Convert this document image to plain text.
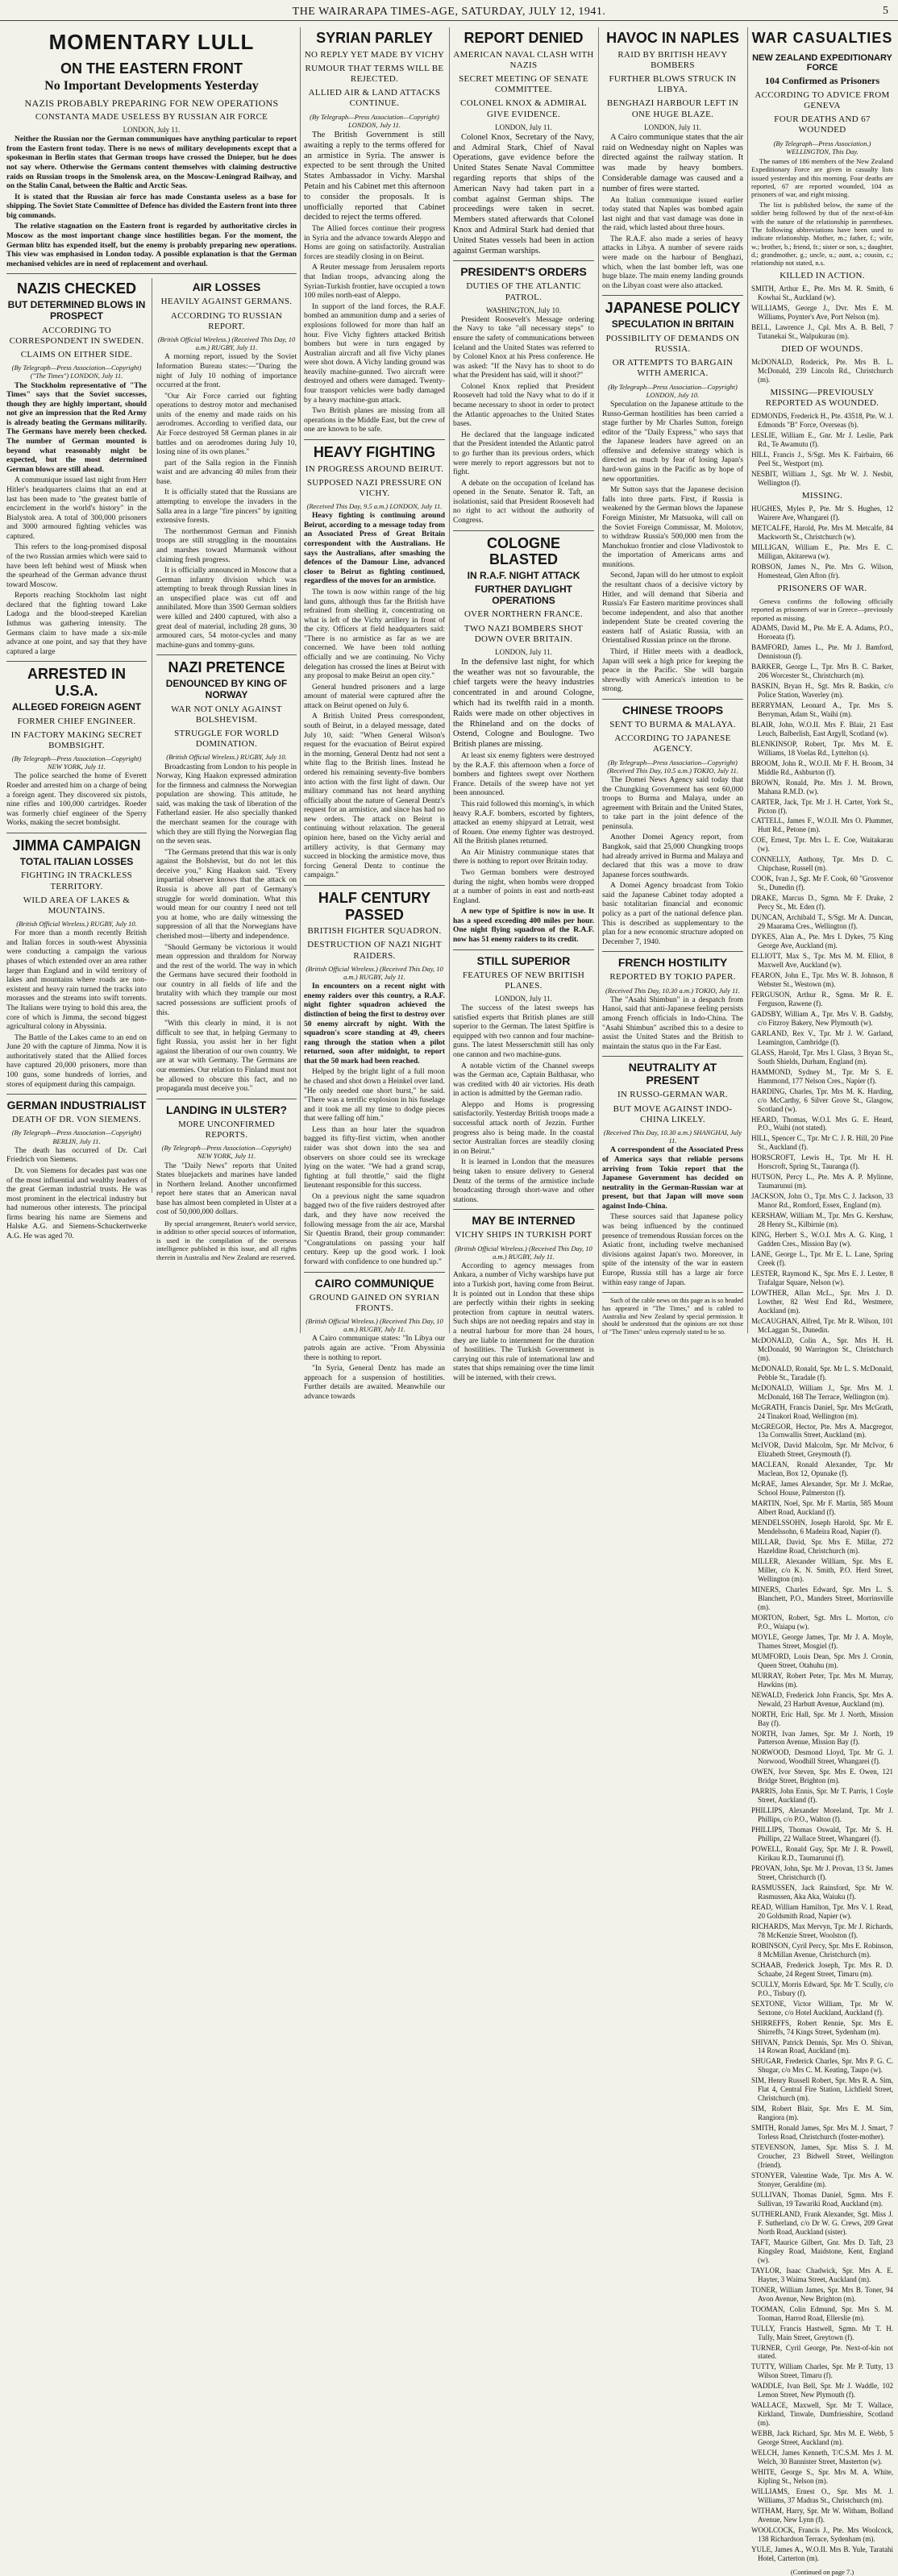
THE WAIRARAPA TIMES-AGE, SATURDAY, JULY 12, 1941.	5
MOMENTARY LULL
ON THE EASTERN FRONT
No Important Developments Yesterday
NAZIS PROBABLY PREPARING FOR NEW OPERATIONS
CONSTANTA MADE USELESS BY RUSSIAN AIR FORCE
LONDON, July 11.

Neither the Russian nor the German communiques have anything particular to report from the Eastern front today. There is no news of military developments except that a spokesman in Berlin states that German troops have crossed the Dnieper, but he does not say where. Otherwise the Germans content themselves with claiming destructive raids on Russian troops in the Smolensk area, on the Moscow-Leningrad Railway, and on the Stalin Canal, between the Baltic and Arctic Seas.

It is stated that the Russian air force has made Constanta useless as a base for shipping. The Soviet State Committee of Defence has divided the Eastern front into three big commands.

The relative stagnation on the Eastern front is regarded by authoritative circles in Moscow as the most important change since hostilities began. For the moment, the German blitz has expended itself, but the enemy is probably preparing new operations. This view was emphasised in London today. A possible explanation is that the German mechanised vehicles are in need of replacement and overhaul.

NAZIS CHECKED
BUT DETERMINED BLOWS IN PROSPECT
ACCORDING TO CORRESPONDENT IN SWEDEN.
CLAIMS ON EITHER SIDE.
(By Telegraph—Press Association—Copyright) ("The Times") LONDON, July 11.

The Stockholm representative of "The Times" says that the Soviet successes, though they are highly important, should not give an impression that the Red Army is already beating the Germans militarily. The Germans have merely been checked. The number of German mounted is beyond what reasonably might be expected, but the most determined German blows are still ahead.

A communique issued last night from Herr Hitler's headquarters claims that an end at last has been made to "the greatest battle of encirclement in the world's history" in the Bialystok area. A total of 300,000 prisoners and 3000 armoured fighting vehicles was captured.

This refers to the long-promised disposal of the two Russian armies which were said to have been left behind west of Minsk when the spearhead of the German advance thrust toward Moscow.

Reports reaching Stockholm last night declared that the fighting toward Lake Ladoga and the blood-steeped Karelian Isthmus was gathering intensity. The Germans claim to have made a six-mile advance at one point, and say that they have captured a large

ARRESTED IN U.S.A.
ALLEGED FOREIGN AGENT
FORMER CHIEF ENGINEER.
IN FACTORY MAKING SECRET BOMBSIGHT.
(By Telegraph—Press Association—Copyright) NEW YORK, July 11.

The police searched the home of Everett Roeder and arrested him on a charge of being a foreign agent. They discovered six pistols, nine rifles and 100,000 cartridges. Roeder was formerly chief engineer of the Sperry Works, making the secret bombsight.

JIMMA CAMPAIGN
TOTAL ITALIAN LOSSES
FIGHTING IN TRACKLESS TERRITORY.
WILD AREA OF LAKES & MOUNTAINS.
(British Official Wireless.) RUGBY, July 10.

For more than a month recently British and Italian forces in south-west Abyssinia were conducting a campaign the various phases of which extended over an area rather larger than England and in wild territory of lakes and mountains where roads are non-existent and heavy rain turned the tracks into morasses and the streams into swift torrents. The Italians were trying to hold this area, the core of which is Jimma, the second biggest agricultural colony in Abyssinia.

The Battle of the Lakes came to an end on June 20 with the capture of Jimma. Now it is authoritatively stated that the Allied forces have captured 20,000 prisoners, more than 100 guns, some hundreds of lorries, and stores of equipment during this campaign.

GERMAN INDUSTRIALIST
DEATH OF DR. VON SIEMENS.
(By Telegraph—Press Association—Copyright) BERLIN, July 11.

The death has occurred of Dr. Carl Friedrich von Siemens.

Dr. von Siemens for decades past was one of the most influential and wealthy leaders of the great German industrial trusts. He was most prominent in the electrical industry but had numerous other interests. The principal firms bearing his name are Siemens and Halske A.G. and Siemens-Schuckertwerke A.G. He was aged 70.

AIR LOSSES
HEAVILY AGAINST GERMANS.
ACCORDING TO RUSSIAN REPORT.
(British Official Wireless.) (Received This Day, 10 a.m.) RUGBY, July 11.

A morning report, issued by the Soviet Information Bureau states:—"During the night of July 10 nothing of importance occurred at the front.

"Our Air Force carried out fighting operations to destroy motor and mechanised units of the enemy and made raids on his aerodromes. According to verified data, our Air Force destroyed 58 German planes in air battles and on aerodromes during July 10, losing nine of its own planes."

part of the Salla region in the Finnish waist and are advancing 40 miles from their base.

It is officially stated that the Russians are attempting to envelope the invaders in the Salla area in a large "fire pincers" by igniting extensive forests.

The northernmost German and Finnish troops are still struggling in the mountains and marshes toward Murmansk without claiming fresh progress.

It is officially announced in Moscow that a German infantry division which was attempting to break through Russian lines in an unspecified place was cut off and annihilated. More than 3500 German soldiers were killed and 2400 captured, with also a great deal of material, including 28 guns, 30 armoured cars, 54 motor-cycles and many machine-guns and tommy-guns.

NAZI PRETENCE
DENOUNCED BY KING OF NORWAY
WAR NOT ONLY AGAINST BOLSHEVISM.
STRUGGLE FOR WORLD DOMINATION.
(British Official Wireless.) RUGBY, July 10.

Broadcasting from London to his people in Norway, King Haakon expressed admiration for the firmness and calmness the Norwegian population are showing. This attitude, he said, was making the task of liberation of the Fatherland easier. He also specially thanked the merchant seamen for the courage with which they are still flying the Norwegian flag on the seven seas.

"The Germans pretend that this war is only against the Bolshevist, but do not let this deceive you," King Haakon said. "Every impartial observer knows that the attack on Russia is above all part of Germany's struggle for world domination. What this would mean for our country I need not tell you at home, who are daily witnessing the suppression of all that the Norwegians have cherished most—liberty and independence.

"Should Germany be victorious it would mean oppression and thraldom for Norway and the rest of the world. The way in which the Germans have secured their foothold in our country in all fields of life and the brutality with which they trample our most sacred possessions are sufficient proofs of this.

"With this clearly in mind, it is not difficult to see that, in helping Germany to fight Russia, you assist her in her fight against the liberation of our own country. We are at war with Germany. The Germans are our enemies. Our relation to Finland must not be allowed to obscure this fact, and no propaganda must deceive you."

LANDING IN ULSTER?
MORE UNCONFIRMED REPORTS.
(By Telegraph—Press Association—Copyright) NEW YORK, July 11.

The "Daily News" reports that United States bluejackets and marines have landed in Northern Ireland. Another unconfirmed report here states that an American naval base has almost been completed in Ulster at a cost of 50,000,000 dollars.

By special arrangement, Reuter's world service, in addition to other special sources of information, is used in the compilation of the overseas intelligence published in this issue, and all rights therein in Australia and New Zealand are reserved.

SYRIAN PARLEY
NO REPLY YET MADE BY VICHY
RUMOUR THAT TERMS WILL BE REJECTED.
ALLIED AIR & LAND ATTACKS CONTINUE.
(By Telegraph—Press Association—Copyright) LONDON, July 11.

The British Government is still awaiting a reply to the terms offered for an armistice in Syria. The answer is expected to be sent through the United States Ambassador in Vichy. Marshal Petain and his Cabinet met this afternoon to consider the proposals. It is unofficially reported that Cabinet decided to reject the terms offered.

The Allied forces continue their progress in Syria and the advance towards Aleppo and Homs are going on satisfactorily. Australian forces are steadily closing in on Beirut.

A Reuter message from Jerusalem reports that Indian troops, advancing along the Syrian-Turkish frontier, have occupied a town 100 miles north-east of Aleppo.

In support of the land forces, the R.A.F. bombed an ammunition dump and a series of explosions followed for more than half an hour. Five Vichy fighters attacked British bombers but were in turn engaged by Australian aircraft and all five Vichy planes were shot down. A Vichy landing ground was heavily machine-gunned. Two aircraft were destroyed and others were damaged. Twenty-four transport vehicles were badly damaged by a heavy machine-gun attack.

Two British planes are missing from all operations in the Middle East, but the crew of one are known to be safe.

HEAVY FIGHTING
IN PROGRESS AROUND BEIRUT.
SUPPOSED NAZI PRESSURE ON VICHY.
(Received This Day, 9.5 a.m.) LONDON, July 11.

Heavy fighting is continuing around Beirut, according to a message today from an Associated Press of Great Britain correspondent with the Australians. He says the Australians, after smashing the defences of the Damour Line, advanced closer to Beirut as fighting continued, regardless of the moves for an armistice.

The town is now within range of the big land guns, although thus far the British have refrained from shelling it, concentrating on what is left of the Vichy artillery in front of the city. Officers at field headquarters said: "There is no armistice as far as we are concerned. We have been told nothing officially and we are continuing. No Vichy delegation has crossed the lines at Beirut with any proposal to make Beirut an open city."

General hundred prisoners and a large amount of material were captured after the attack on Beirut opened on July 6.

A British United Press correspondent, south of Beirut, in a delayed message, dated July 10, said: "When General Wilson's request for the evacuation of Beirut expired in the morning, General Dentz had not sent a white flag to the British lines. Instead he ordered his remaining seventy-five bombers into action with the first light of dawn. Our military command has not heard anything officially about the nature of General Dentz's request for an armistice, and since has had no new orders. The attack on Beirut is continuing without relaxation. The general opinion here, based on the Vichy aerial and artillery activity, is that Germany may succeed in blocking the armistice move, thus forcing General Dentz to continue the campaign."

HALF CENTURY PASSED
BRITISH FIGHTER SQUADRON.
DESTRUCTION OF NAZI NIGHT RAIDERS.
(British Official Wireless.) (Received This Day, 10 a.m.) RUGBY, July 11.

In encounters on a recent night with enemy raiders over this country, a R.A.F. night fighter squadron achieved the distinction of being the first to destroy over 50 enemy aircraft by night. With the squadron's score standing at 49, cheers rang through the station when a pilot returned, soon after midnight, to report that the 50 mark had been reached.

Helped by the bright light of a full moon he chased and shot down a Heinkel over land. "He only needed one short burst," he said. "There was a terrific explosion in his fuselage and it took me all my time to dodge pieces that were falling off him."

Less than an hour later the squadron bagged its fifty-first victim, when another raider was shot down into the sea and observers on shore could see its wreckage lying on the water. "We had a grand scrap, fighting at full throttle," said the flight lieutenant responsible for this success.

On a previous night the same squadron bagged two of the five raiders destroyed after dark, and they have now received the following message from the air ace, Marshal Sir Quentin Brand, their group commander: "Congratulations on passing your half century. Keep up the good work. I look forward with confidence to one hundred up."

CAIRO COMMUNIQUE
GROUND GAINED ON SYRIAN FRONTS.
(British Official Wireless.) (Received This Day, 10 a.m.) RUGBY, July 11.

A Cairo communique states: "In Libya our patrols again are active. "From Abyssinia there is nothing to report.

"In Syria, General Dentz has made an approach for a suspension of hostilities. Further details are awaited. Meanwhile our advance towards

REPORT DENIED
AMERICAN NAVAL CLASH WITH NAZIS
SECRET MEETING OF SENATE COMMITTEE.
COLONEL KNOX & ADMIRAL GIVE EVIDENCE.
LONDON, July 11.

Colonel Knox, Secretary of the Navy, and Admiral Stark, Chief of Naval Operations, gave evidence before the United States Senate Naval Committee regarding reports that ships of the American Navy had taken part in a combat against German ships. The proceedings were taken in secret. Members stated afterwards that Colonel Knox and Admiral Stark had denied that United States vessels had been in action against German warships.

PRESIDENT'S ORDERS
DUTIES OF THE ATLANTIC PATROL.
WASHINGTON, July 10.

President Roosevelt's Message ordering the Navy to take "all necessary steps" to ensure the safety of communications between Iceland and the United States was referred to by Colonel Knox at his Press conference. He was asked: "If the Navy has to shoot to do what the President has said, will it shoot?"

Colonel Knox replied that President Roosevelt had told the Navy what to do if it became necessary to shoot in order to protect the Atlantic approaches to the United States bases.

He declared that the language indicated that the President intended the Atlantic patrol to go further than its previous orders, which were merely to report aggressors but not to fight.

A debate on the occupation of Iceland has opened in the Senate. Senator R. Taft, an isolationist, said that President Roosevelt had no right to act without the authority of Congress.

COLOGNE BLASTED
IN R.A.F. NIGHT ATTACK
FURTHER DAYLIGHT OPERATIONS
OVER NORTHERN FRANCE.
TWO NAZI BOMBERS SHOT DOWN OVER BRITAIN.
LONDON, July 11.

In the defensive last night, for which the weather was not so favourable, the chief targets were the heavy industries concentrated in and around Cologne, which had its twelfth raid in a month. Raids were made on other objectives in the Rhineland and on the docks of Ostend, Cologne and Boulogne. Two British planes are missing.

At least six enemy fighters were destroyed by the R.A.F. this afternoon when a force of bombers and fighters swept over Northern France. Details of the sweep have not yet been announced.

This raid followed this morning's, in which heavy R.A.F. bombers, escorted by fighters, attacked an enemy shipyard at Letrait, west of Rouen. One enemy fighter was destroyed. All the British planes returned.

An Air Ministry communique states that there is nothing to report over Britain today.

Two German bombers were destroyed during the night, when bombs were dropped at a number of points in east and north-east England.

A new type of Spitfire is now in use. It has a speed exceeding 400 miles per hour. One night flying squadron of the R.A.F. now has 51 enemy raiders to its credit.

STILL SUPERIOR
FEATURES OF NEW BRITISH PLANES.
LONDON, July 11.

The success of the latest sweeps has satisfied experts that British planes are still superior to the German. The latest Spitfire is equipped with two cannon and four machine-guns. The latest Messerschmitt still has only one cannon and two machine-guns.

A notable victim of the Channel sweeps was the German ace, Captain Balthasar, who was credited with 40 air victories. His death in action is admitted by the German radio.

Aleppo and Homs is progressing satisfactorily. Yesterday British troops made a successful attack north of Jezzin. Further progress also is being made. In the coastal sector Australian forces are steadily closing in on Beirut."

It is learned in London that the measures being taken to ensure delivery to General Dentz of the terms of the armistice include broadcasting through short-wave and other stations.

MAY BE INTERNED
VICHY SHIPS IN TURKISH PORT
(British Official Wireless.) (Received This Day, 10 a.m.) RUGBY, July 11.

According to agency messages from Ankara, a number of Vichy warships have put into a Turkish port, having come from Beirut. It is pointed out in London that these ships are perfectly within their rights in seeking protection from capture in neutral waters. Such ships are not needing repairs and stay in a neutral harbour for more than 24 hours, they are liable to internment for the duration of hostilities. The Turkish Government is carrying out this rule of international law and states that ships remaining over the time limit will be interned, with their crews.

HAVOC IN NAPLES
RAID BY BRITISH HEAVY BOMBERS
FURTHER BLOWS STRUCK IN LIBYA.
BENGHAZI HARBOUR LEFT IN ONE HUGE BLAZE.
LONDON, July 11.

A Cairo communique states that the air raid on Wednesday night on Naples was directed against the railway station. It was made by heavy bombers. Considerable damage was caused and a number of fires were started.

An Italian communique issued earlier today stated that Naples was bombed again last night and that vast damage was done in the raid, which lasted about three hours.

The R.A.F. also made a series of heavy attacks in Libya. A number of severe raids were made on the harbour of Benghazi, which, when the last bomber left, was one huge blaze. The main enemy landing grounds on the Libyan coast were also attacked.

JAPANESE POLICY
SPECULATION IN BRITAIN
POSSIBILITY OF DEMANDS ON RUSSIA.
OR ATTEMPTS TO BARGAIN WITH AMERICA.
(By Telegraph—Press Association—Copyright) LONDON, July 10.

Speculation on the Japanese attitude to the Russo-German hostilities has been carried a stage further by Mr Charles Sutton, foreign editor of the "Daily Express," who says that the Japanese leaders have agreed on an offensive and defensive strategy which is directed as much by fear of losing Japan's hard-won gains in the Pacific as by hope of new opportunities.

Mr Sutton says that the Japanese decision falls into three parts. First, if Russia is weakened by the German blows the Japanese Foreign Minister, Mr Matsuoka, will call on the Soviet Foreign Commissar, M. Molotov, to withdraw Russia's 500,000 men from the Manchukuo frontier and close Vladivostok to the importation of Americans arms and munitions.

Second, Japan will do her utmost to exploit the resultant chaos of a decisive victory by Hitler, and will demand that Siberia and Russia's Far Eastern maritime provinces shall become independent, and also that another independent State be created covering the eastern half of Asiatic Russia, with an Orientalised Russian prince on the throne.

Third, if Hitler meets with a deadlock, Japan will seek a high price for keeping the peace in the Pacific. She will bargain shrewdly with America's intention to be strong.

CHINESE TROOPS
SENT TO BURMA & MALAYA.
ACCORDING TO JAPANESE AGENCY.
(By Telegraph—Press Association—Copyright) (Received This Day, 10.5 a.m.) TOKIO, July 11.

The Domei News Agency said today that the Chungking Government has sent 60,000 troops to Burma and Malaya, under an agreement with Britain and the United States, to take part in the joint defence of the peninsula.

Another Domei Agency report, from Bangkok, said that 25,000 Chungking troops had already arrived in Burma and Malaya and declared that this was a move to draw Japanese forces southwards.

A Domei Agency broadcast from Tokio said the Japanese Cabinet today adopted a basic totalitarian financial and economic policy as a part of the national defence plan. This is described as supplementary to the plan for a new economic structure adopted on December 7, 1940.

FRENCH HOSTILITY
REPORTED BY TOKIO PAPER.
(Received This Day, 10.30 a.m.) TOKIO, July 11.

The "Asahi Shimbun" in a despatch from Hanoi, said that anti-Japanese feeling persists among French officials in Indo-China. The "Asahi Shimbun" ascribed this to a desire to assist the United States and the British to maintain the status quo in the Far East.

NEUTRALITY AT PRESENT
IN RUSSO-GERMAN WAR.
BUT MOVE AGAINST INDO-CHINA LIKELY.
(Received This Day, 10.30 a.m.) SHANGHAI, July 11.

A correspondent of the Associated Press of America says that reliable persons arriving from Tokio report that the Japanese Government has decided on neutrality in the German-Russian war at present, but that Japan will move soon against Indo-China.

These sources said that Japanese policy was being influenced by the continued presence of tremendous Russian forces on the Asiatic front, including twelve mechanised divisions against Japan's two. Moreover, in spite of the intensity of the war in eastern Europe, Russia still has a large air force within easy range of Japan.

Such of the cable news on this page as is so headed has appeared in "The Times," and is cabled to Australia and New Zealand by special permission. It should be understood that the opinions are not those of "The Times" unless expressly stated to be so.

WAR CASUALTIES
NEW ZEALAND EXPEDITIONARY FORCE
104 Confirmed as Prisoners
ACCORDING TO ADVICE FROM GENEVA
FOUR DEATHS AND 67 WOUNDED
(By Telegraph—Press Association.) WELLINGTON, This Day.

The names of 186 members of the New Zealand Expeditionary Force are given in casualty lists issued yesterday and this morning. Four deaths are reported, 67 are reported wounded, 104 as prisoners of war, and eight missing.

The list is published below, the name of the soldier being followed by that of the next-of-kin with the nature of the relationship in parentheses. The following abbreviations have been used to indicate relationship. Mother, m.; father, f.; wife, w.; brother, b.; friend, fr.; sister or son, s.; daughter, d.; grandmother, g.; uncle, u.; aunt, a.; cousin, c.; relationship not stated, n.s.

KILLED IN ACTION.

SMITH, Arthur E., Pte. Mrs M. R. Smith, 6 Kowhai St., Auckland (w).

WILLIAMS, George J., Dvr. Mrs E. M. Williams, Poynter's Ave, Port Nelson (m).

BELL, Lawrence J., Cpl. Mrs A. B. Bell, 7 Tutanekai St., Walpukurau (m).

DIED OF WOUNDS.

McDONALD, Roderick, Pte. Mrs B. L. McDonald, 239 Lincoln Rd., Christchurch (m).

MISSING—PREVIOUSLY REPORTED AS WOUNDED.

EDMONDS, Frederick H., Pte. 43518, Pte. W. J. Edmonds "B" Force, Overseas (b).

LESLIE, William E., Gnr. Mr J. Leslie, Park Rd., Te Awamutu (f).

HILL, Francis J., S/Sgt. Mrs K. Fairbairn, 66 Peel St., Westport (m).

NESBIT, William J., Sgt. Mr W. J. Nesbit, Wellington (f).

MISSING.

HUGHES, Myles P., Pte. Mr S. Hughes, 12 Wairere Ave, Whangarei (f).

METCALFE, Harold, Pte. Mrs M. Metcalfe, 84 Mackworth St., Christchurch (w).

MILLIGAN, William E., Pte. Mrs E. C. Milligan, Akitarewa (w).

ROBSON, James N., Pte. Mrs G. Wilson, Homestead, Glen Afton (fr).

PRISONERS OF WAR.

Geneva confirms the following officially reported as prisoners of war in Greece—previously reported as missing.

ADAMS, David M., Pte. Mr E. A. Adams, P.O., Horoeata (f).

BAMFORD, James L., Pte. Mr J. Bamford, Dennistoun (f).

BARKER, George L., Tpr. Mrs B. C. Barker, 206 Worcester St., Christchurch (m).

BASKIN, Bryan H., Sgt. Mrs R. Baskin, c/o Police Station, Waverley (m).

BERRYMAN, Leonard A., Tpr. Mrs S. Berryman, Adam St., Waihi (m).

BLAIR, John, W.O.II. Mrs F. Blair, 21 East Leuch, Balberlish, East Argyll, Scotland (w).

BLENKINSOP, Robert, Tpr. Mrs M. E. Williams, 18 Voelas Rd., Lyttelton (s).

BROOM, John R., W.O.II. Mr F. H. Broom, 34 Middle Rd., Ashburton (f).

BROWN, Ronald, Pte. Mrs J. M. Brown, Mahana R.M.D. (w).

CARTER, Jack, Tpr. Mr J. H. Carter, York St., Picton (f).

CATTELL, James F., W.O.II. Mrs O. Plummer, Hutt Rd., Petone (m).

COE, Ernest, Tpr. Mrs L. E. Coe, Waitakarau (w).

CONNELLY, Anthony, Tpr. Mrs D. C. Chipchase, Russell (m).

COOK, Ivan J., Sgt. Mr F. Cook, 60 "Grosvenor St., Dunedin (f).

DRAKE, Marcus D., Sgmn. Mr F. Drake, 2 Percy St., Mt. Eden (f).

DUNCAN, Archibald T., S/Sgt. Mr A. Duncan, 29 Maarama Cres., Wellington (f).

DYKES, Alan A., Pte. Mrs I. Dykes, 75 King George Ave, Auckland (m).

ELLIOTT, Max S., Tpr. Mrs M. M. Elliot, 8 Maxwell Ave, Auckland (w).

FEARON, John E., Tpr. Mrs W. B. Johnson, 8 Webster St., Westown (m).

FERGUSON, Arthur R., Sgmn. Mr R. E. Ferguson, Rawene (f).

GADSBY, William A., Tpr. Mrs V. B. Gadsby, c/o Fitzroy Bakery, New Plymouth (w).

GARLAND, Rex V., Tpr. Mr J. W. Garland, Leamington, Cambridge (f).

GLASS, Harold, Tpr. Mrs I. Glass, 3 Bryan St., South Shields, Durham, England (m).

HAMMOND, Sydney M., Tpr. Mr S. E. Hammond, 177 Nelson Cres., Napier (f).

HARDING, Charles, Tpr. Mrs M. K. Harding, c/o McCarthy, 6 Silver Grove St., Glasgow, Scotland (w).

HEARD, Thomas, W.O.I. Mrs G. E. Heard, P.O., Waihi (not stated).

HILL, Spencer C., Tpr. Mr C. J. R. Hill, 20 Pine St., Auckland (f).

HORSCROFT, Lewis H., Tpr. Mr H. H. Horscroft, Spring St., Tauranga (f).

HUTSON, Percy L., Pte. Mrs A. P. Mylinne, Taumarunui (m).

JACKSON, John O., Tpr. Mrs C. J. Jackson, 33 Manor Rd., Romford, Essex, England (m).

KERSHAW, William M., Tpr. Mrs G. Kershaw, 28 Henry St., Kilbirnie (m).

KING, Herbert S., W.O.I. Mrs A. G. King, 1 Gadden Cres., Mission Bay (w).

LANE, George L., Tpr. Mr E. L. Lane, Spring Creek (f).

LESTER, Raymond K., Spr. Mrs E. J. Lester, 8 Trafalgar Square, Nelson (w).

LOWTHER, Allan McL., Spr. Mrs J. D. Lowther, 82 West End Rd., Westmere, Auckland (m).

McCAUGHAN, Alfred, Tpr. Mr R. Wilson, 101 McLaggan St., Dunedin.

McDONALD, Colin A., Spr. Mrs H. H. McDonald, 90 Warrington St., Christchurch (m).

McDONALD, Ronald, Spr. Mr L. S. McDonald, Pebble St., Taradale (f).

McDONALD, William J., Spr. Mrs M. J. McDonald, 168 The Terrace, Wellington (m).

McGRATH, Francis Daniel, Spr. Mrs McGrath, 24 Tinakori Road, Wellington (m).

McGREGOR, Hector, Pte. Mrs A. Macgregor, 13a Cornwallis Street, Auckland (m).

McIVOR, David Malcolm, Spr. Mr McIvor, 6 Elizabeth Street, Greymouth (f).

MACLEAN, Ronald Alexander, Tpr. Mr Maclean, Box 12, Opunake (f).

McRAE, James Alexander, Spr. Mr J. McRae, School House, Palmerston (f).

MARTIN, Noel, Spr. Mr F. Martin, 585 Mount Albert Road, Auckland (f).

MENDELSSOHN, Joseph Harold, Spr. Mr E. Mendelssohn, 6 Madeira Road, Napier (f).

MILLAR, David, Spr. Mrs E. Millar, 272 Hazeldine Road, Christchurch (m).

MILLER, Alexander William, Spr. Mrs E. Miller, c/o K. N. Smith, P.O. Herd Street, Wellington (m).

MINERS, Charles Edward, Spr. Mrs L. S. Blanchett, P.O., Manders Street, Morrinsville (m).

MORTON, Robert, Sgt. Mrs L. Morton, c/o P.O., Waiapu (w).

MOYLE, George James, Tpr. Mr J. A. Moyle, Thames Street, Mosgiel (f).

MUMFORD, Louis Dean, Spr. Mrs J. Cronin, Queen Street, Otahuhu (m).

MURRAY, Robert Peter, Tpr. Mrs M. Murray, Hawkins (m).

NEWALD, Frederick John Francis, Spr. Mrs A. Newald, 23 Harbutt Avenue, Auckland (m).

NORTH, Eric Hall, Spr. Mr J. North, Mission Bay (f).

NORTH, Ivan James, Spr. Mr J. North, 19 Patterson Avenue, Mission Bay (f).

NORWOOD, Desmond Lloyd, Tpr. Mr G. J. Norwood, Woodhill Street, Whangarei (f).

OWEN, Ivor Steven, Spr. Mrs E. Owen, 121 Bridge Street, Brighton (m).

PARRIS, John Ennis, Spr. Mr T. Parris, 1 Coyle Street, Auckland (f).

PHILLIPS, Alexander Moreland, Tpr. Mr J. Phillips, c/o P.O., Walton (f).

PHILLIPS, Thomas Oswald, Tpr. Mr S. H. Phillips, 22 Wallace Street, Whangarei (f).

POWELL, Ronald Guy, Spr. Mr J. R. Powell, Kirikau R.D., Taumarunui (f).

PROVAN, John, Spr. Mr J. Provan, 13 St. James Street, Christchurch (f).

RASMUSSEN, Jack Rainsford, Spr. Mr W. Rasmussen, Aka Aka, Waiuku (f).

READ, William Hamilton, Tpr. Mrs V. I. Read, 20 Goldsmith Road, Napier (w).

RICHARDS, Max Mervyn, Tpr. Mr J. Richards, 78 McKenzie Street, Woolston (f).

ROBINSON, Cyril Percy, Spr. Mrs E. Robinson, 8 McMillan Avenue, Christchurch (m).

SCHAAB, Frederick Joseph, Tpr. Mrs R. D. Schaabe, 24 Regent Street, Timaru (m).

SCULLY, Morris Edward, Spr. Mr T. Scully, c/o P.O., Tisbury (f).

SEXTONE, Victor William, Tpr. Mr W. Sextone, c/o Hotel Auckland, Auckland (f).

SHIRREFFS, Robert Rennie, Spr. Mrs E. Shirreffs, 74 Kings Street, Sydenham (m).

SHIVAN, Patrick Dennis, Spr. Mrs O. Shivan, 14 Rowan Road, Auckland (m).

SHUGAR, Frederick Charles, Spr. Mrs P. G. C. Shugar, c/o Mrs C. M. Keating, Taupo (w).

SIM, Henry Russell Robert, Spr. Mrs R. A. Sim, Flat 4, Central Fire Station, Lichfield Street, Christchurch (m).

SIM, Robert Blair, Spr. Mrs E. M. Sim, Rangiora (m).

SMITH, Ronald James, Spr. Mrs M. J. Smart, 7 Torless Road, Christchurch (foster-mother).

STEVENSON, James, Spr. Miss S. J. M. Croucher, 23 Bidwell Street, Wellington (friend).

STONYER, Valentine Wade, Tpr. Mrs A. W. Stonyer, Geraldine (m).

SULLIVAN, Thomas Daniel, Sgmn. Mrs F. Sullivan, 19 Tawariki Road, Auckland (m).

SUTHERLAND, Frank Alexander, Sgt. Miss J. F. Sutherland, c/o Dr W. G. Crews, 209 Great North Road, Auckland (sister).

TAFT, Maurice Gilbert, Gnr. Mrs D. Taft, 23 Kingsley Road, Maidstone, Kent, England (w).

TAYLOR, Isaac Chadwick, Spr. Mrs A. E. Hayter, 3 Waima Street, Auckland (m).

TONER, William James, Spr. Mrs B. Toner, 94 Avon Avenue, New Brighton (m).

TOOMAN, Colin Edmund, Spr. Mrs S. M. Tooman, Harrod Road, Ellerslie (m).

TULLY, Francis Hastwell, Sgmn. Mr T. H. Tully, Main Street, Greytown (f).

TURNER, Cyril George, Pte. Next-of-kin not stated.

TUTTY, William Charles, Spr. Mr P. Tutty, 13 Wilson Street, Timaru (f).

WADDLE, Ivan Bell, Spr. Mr J. Waddle, 102 Lemon Street, New Plymouth (f).

WALLACE, Maxwell, Spr. Mr T. Wallace, Kirkland, Tinwale, Dumfriesshire, Scotland (m).

WEBB, Jack Richard, Spr. Mrs M. E. Webb, 5 George Street, Auckland (m).

WELCH, James Kenneth, T/C.S.M. Mrs J. M. Welch, 30 Bannister Street, Masterton (w).

WHITE, George S., Spr. Mrs M. A. White, Kipling St., Nelson (m).

WILLIAMS, Ernest O., Spr. Mrs M. J. Williams, 37 Madras St., Christchurch (m).

WITHAM, Harry, Spr. Mr W. Witham, Bolland Avenue, New Lynn (f).

WOOLCOCK, Francis J., Pte. Mrs Woolcock, 138 Richardson Terrace, Sydenham (m).

YULE, James A., W.O.II. Mrs B. Yule, Taratahi Hotel, Carterton (m).

(Continued on page 7.)
